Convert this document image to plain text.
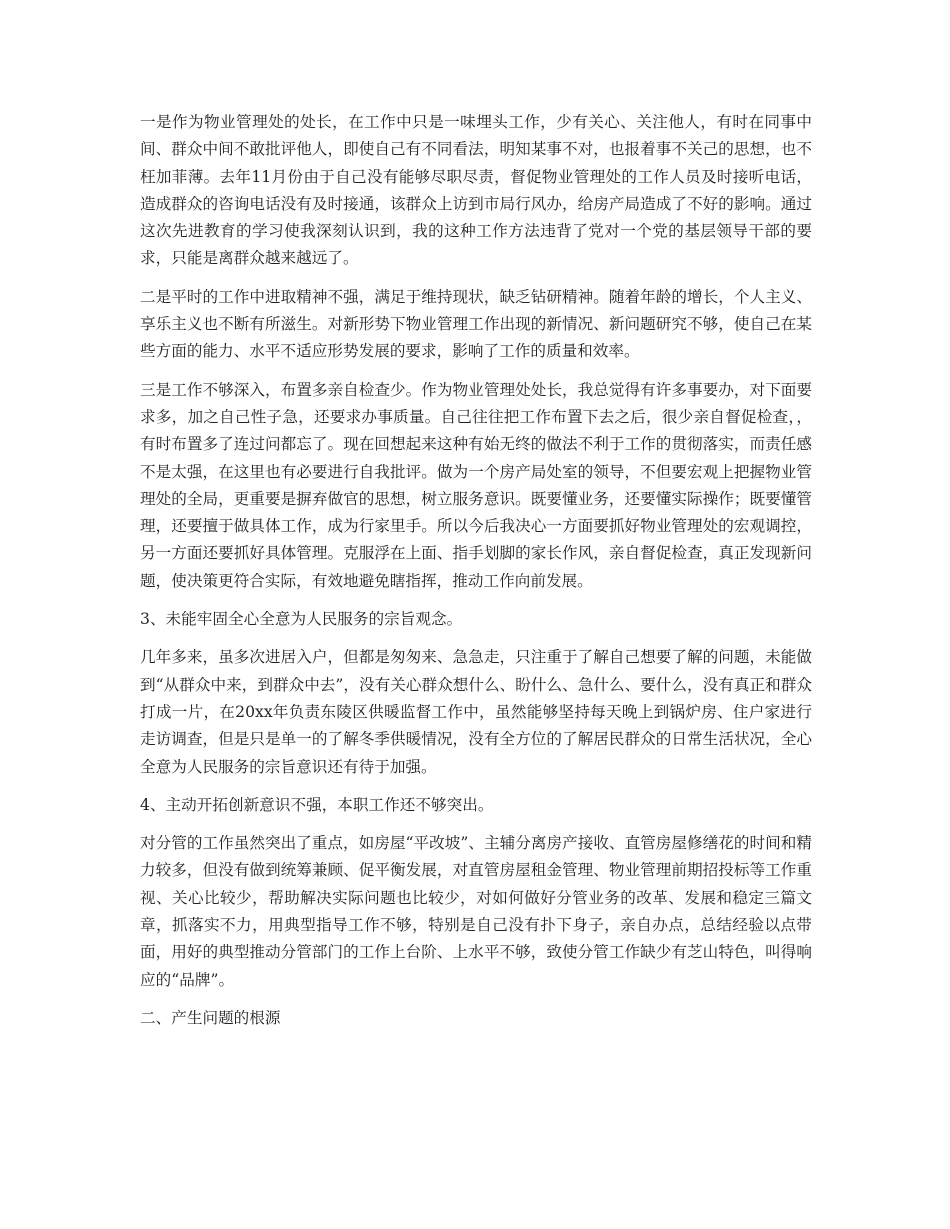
一是作为物业管理处的处长，在工作中只是一味埋头工作，少有关心、关注他人，有时在同事中间、群众中间不敢批评他人，即使自己有不同看法，明知某事不对，也报着事不关己的思想，也不枉加菲薄。去年11月份由于自己没有能够尽职尽责，督促物业管理处的工作人员及时接听电话，造成群众的咨询电话没有及时接通，该群众上访到市局行风办，给房产局造成了不好的影响。通过这次先进教育的学习使我深刻认识到，我的这种工作方法违背了党对一个党的基层领导干部的要求，只能是离群众越来越远了。

二是平时的工作中进取精神不强，满足于维持现状，缺乏钻研精神。随着年龄的增长，个人主义、享乐主义也不断有所滋生。对新形势下物业管理工作出现的新情况、新问题研究不够，使自己在某些方面的能力、水平不适应形势发展的要求，影响了工作的质量和效率。

三是工作不够深入，布置多亲自检查少。作为物业管理处处长，我总觉得有许多事要办，对下面要求多，加之自己性子急，还要求办事质量。自己往往把工作布置下去之后，很少亲自督促检查，，有时布置多了连过问都忘了。现在回想起来这种有始无终的做法不利于工作的贯彻落实，而责任感不是太强，在这里也有必要进行自我批评。做为一个房产局处室的领导，不但要宏观上把握物业管理处的全局，更重要是摒弃做官的思想，树立服务意识。既要懂业务，还要懂实际操作；既要懂管理，还要擅于做具体工作，成为行家里手。所以今后我决心一方面要抓好物业管理处的宏观调控，另一方面还要抓好具体管理。克服浮在上面、指手划脚的家长作风，亲自督促检查，真正发现新问题，使决策更符合实际，有效地避免瞎指挥，推动工作向前发展。

3、未能牢固全心全意为人民服务的宗旨观念。

几年多来，虽多次进居入户，但都是匆匆来、急急走，只注重于了解自己想要了解的问题，未能做到“从群众中来，到群众中去”，没有关心群众想什么、盼什么、急什么、要什么，没有真正和群众打成一片，在20xx年负责东陵区供暖监督工作中，虽然能够坚持每天晚上到锅炉房、住户家进行走访调查，但是只是单一的了解冬季供暖情况，没有全方位的了解居民群众的日常生活状况，全心全意为人民服务的宗旨意识还有待于加强。

4、主动开拓创新意识不强，本职工作还不够突出。

对分管的工作虽然突出了重点，如房屋“平改坡”、主辅分离房产接收、直管房屋修缮花的时间和精力较多，但没有做到统筹兼顾、促平衡发展，对直管房屋租金管理、物业管理前期招投标等工作重视、关心比较少，帮助解决实际问题也比较少，对如何做好分管业务的改革、发展和稳定三篇文章，抓落实不力，用典型指导工作不够，特别是自己没有扑下身子，亲自办点，总结经验以点带面，用好的典型推动分管部门的工作上台阶、上水平不够，致使分管工作缺少有芝山特色，叫得响应的“品牌”。

二、产生问题的根源
